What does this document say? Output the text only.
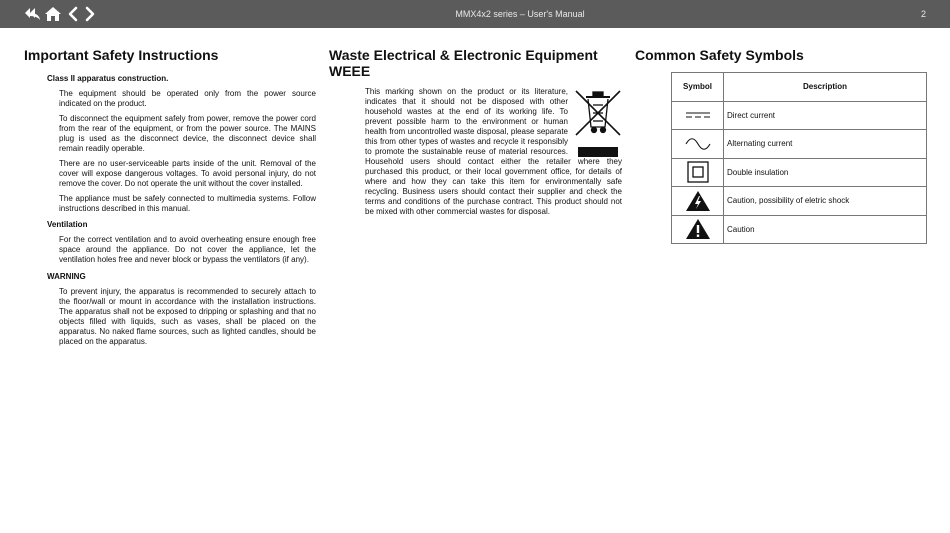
MMX4x2 series – User's Manual	2
Important Safety Instructions
Class II apparatus construction.

The equipment should be operated only from the power source indicated on the product.

To disconnect the equipment safely from power, remove the power cord from the rear of the equipment, or from the power source. The MAINS plug is used as the disconnect device, the disconnect device shall remain readily operable.

There are no user-serviceable parts inside of the unit. Removal of the cover will expose dangerous voltages. To avoid personal injury, do not remove the cover. Do not operate the unit without the cover installed.

The appliance must be safely connected to multimedia systems. Follow instructions described in this manual.

Ventilation

For the correct ventilation and to avoid overheating ensure enough free space around the appliance. Do not cover the appliance, let the ventilation holes free and never block or bypass the ventilators (if any).

WARNING

To prevent injury, the apparatus is recommended to securely attach to the floor/wall or mount in accordance with the installation instructions. The apparatus shall not be exposed to dripping or splashing and that no objects filled with liquids, such as vases, shall be placed on the apparatus. No naked flame sources, such as lighted candles, should be placed on the apparatus.

Waste Electrical & Electronic Equipment
WEEE

This marking shown on the product or its literature, indicates that it should not be disposed with other household wastes at the end of its working life. To prevent possible harm to the environment or human health from uncontrolled waste disposal, please separate this from other types of wastes and recycle it responsibly to promote the sustainable reuse of material resources. Household users should contact either the retailer where they purchased this product, or their local government office, for details of where and how they can take this item for environmentally safe recycling. Business users should contact their supplier and check the terms and conditions of the purchase contract. This product should not be mixed with other commercial wastes for disposal.

Common Safety Symbols
Symbol	Description

	Direct current

	Alternating current

	Double insulation

	Caution, possibility of eletric shock

	Caution
